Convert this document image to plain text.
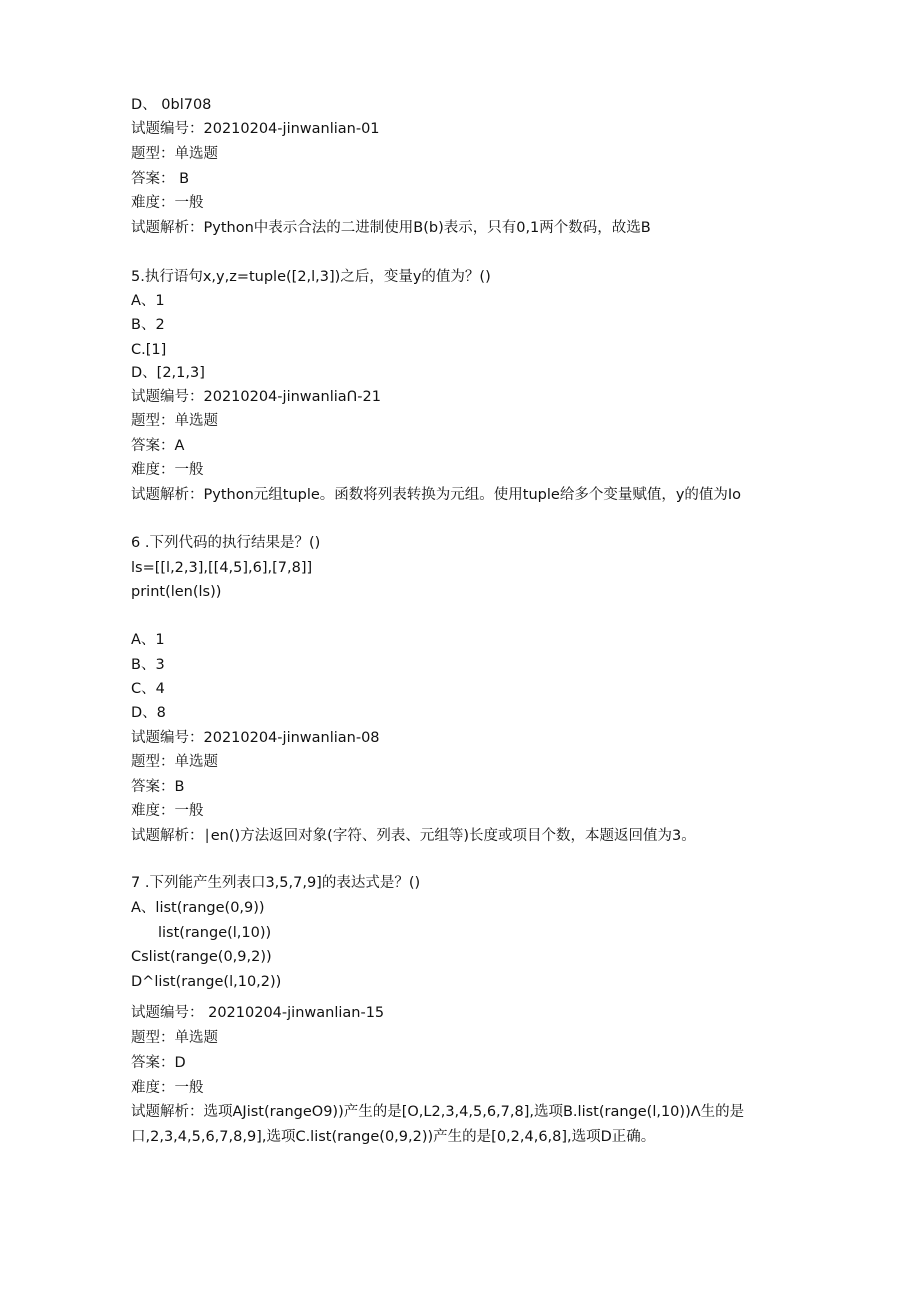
D、 0bl708
试题编号：20210204-jinwanlian-01
题型：单选题
答案： B
难度：一般
试题解析：Python中表示合法的二进制使用B(b)表示，只有0,1两个数码，故选B
5.执行语句x,y,z=tuple([2,l,3])之后，变量y的值为？()
A、1
B、2
C.[1]
D、[2,1,3]
试题编号：20210204-jinwanliaՈ-21
题型：单选题
答案：A
难度：一般
试题解析：Python元组tuple。函数将列表转换为元组。使用tuple给多个变量赋值，y的值为Io
6 .下列代码的执行结果是？()
ls=[[l,2,3],[[4,5],6],[7,8]]
print(len(ls))
A、1
B、3
C、4
D、8
试题编号：20210204-jinwanlian-08
题型：单选题
答案：B
难度：一般
试题解析：∣en()方法返回对象(字符、列表、元组等)长度或项目个数，本题返回值为3。
7 .下列能产生列表口3,5,7,9]的表达式是？()
A、list(range(0,9))
list(range(l,10))
Cslist(range(0,9,2))
D^list(range(l,10,2))
试题编号： 20210204-jinwanlian-15
题型：单选题
答案：D
难度：一般
试题解析：选项AJist(rangeO9))产生的是[O,L2,3,4,5,6,7,8],选项B.list(range(l,10))Λ生的是
口,2,3,4,5,6,7,8,9],选项C.list(range(0,9,2))产生的是[0,2,4,6,8],选项D正确。
